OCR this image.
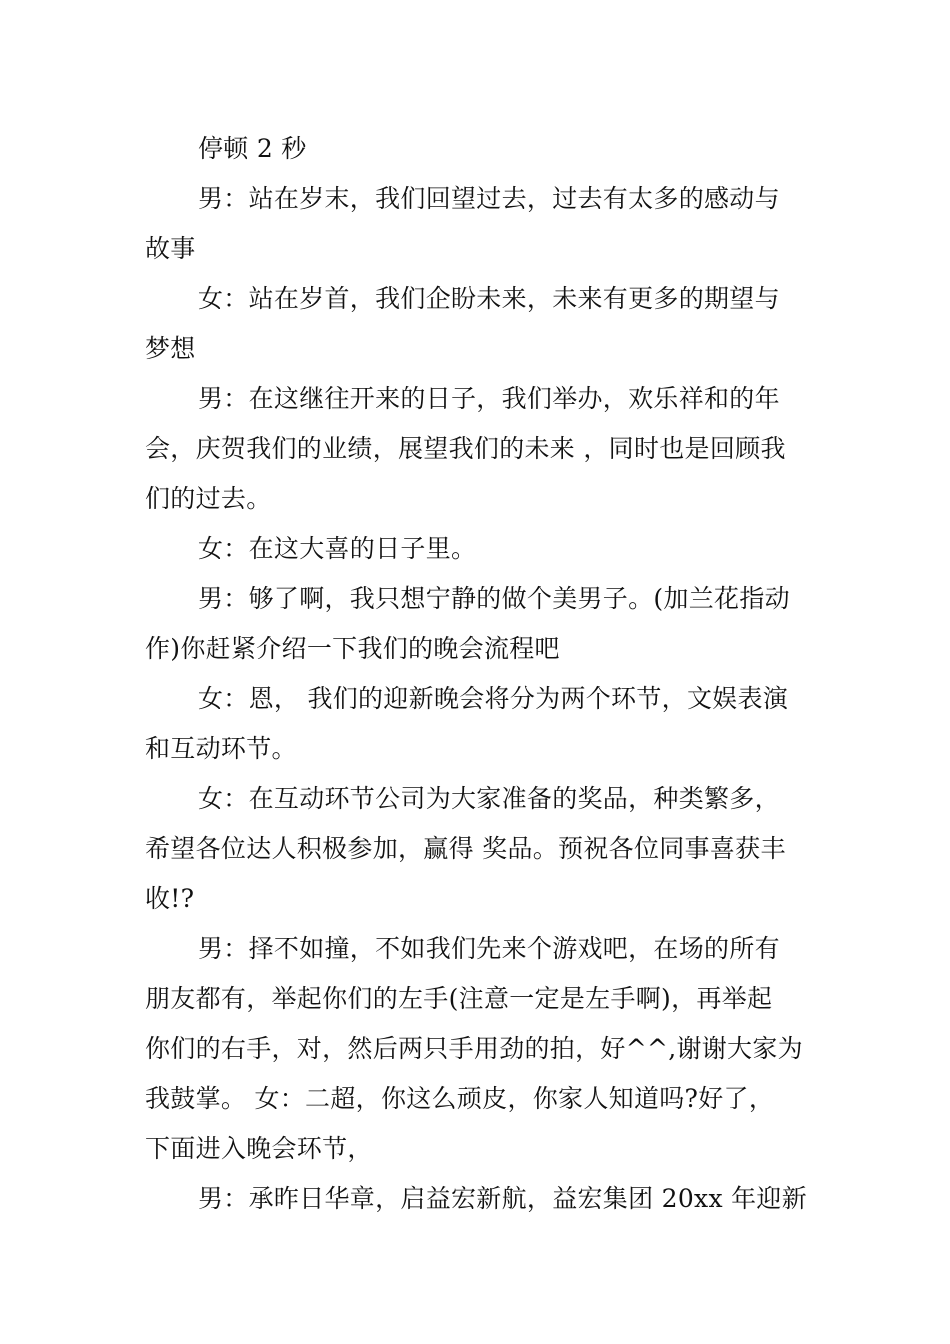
停顿 2 秒
男：站在岁末，我们回望过去，过去有太多的感动与
故事
女：站在岁首，我们企盼未来，未来有更多的期望与
梦想
男：在这继往开来的日子，我们举办，欢乐祥和的年
会，庆贺我们的业绩，展望我们的未来 ，同时也是回顾我
们的过去。
女：在这大喜的日子里。
男：够了啊，我只想宁静的做个美男子。(加兰花指动
作)你赶紧介绍一下我们的晚会流程吧
女：恩， 我们的迎新晚会将分为两个环节，文娱表演
和互动环节。
女：在互动环节公司为大家准备的奖品，种类繁多，
希望各位达人积极参加，赢得 奖品。预祝各位同事喜获丰
收!?
男：择不如撞，不如我们先来个游戏吧，在场的所有
朋友都有，举起你们的左手(注意一定是左手啊)，再举起
你们的右手，对，然后两只手用劲的拍，好^^,谢谢大家为
我鼓掌。 女：二超，你这么顽皮，你家人知道吗?好了，
下面进入晚会环节，
男：承昨日华章，启益宏新航，益宏集团 20xx 年迎新
